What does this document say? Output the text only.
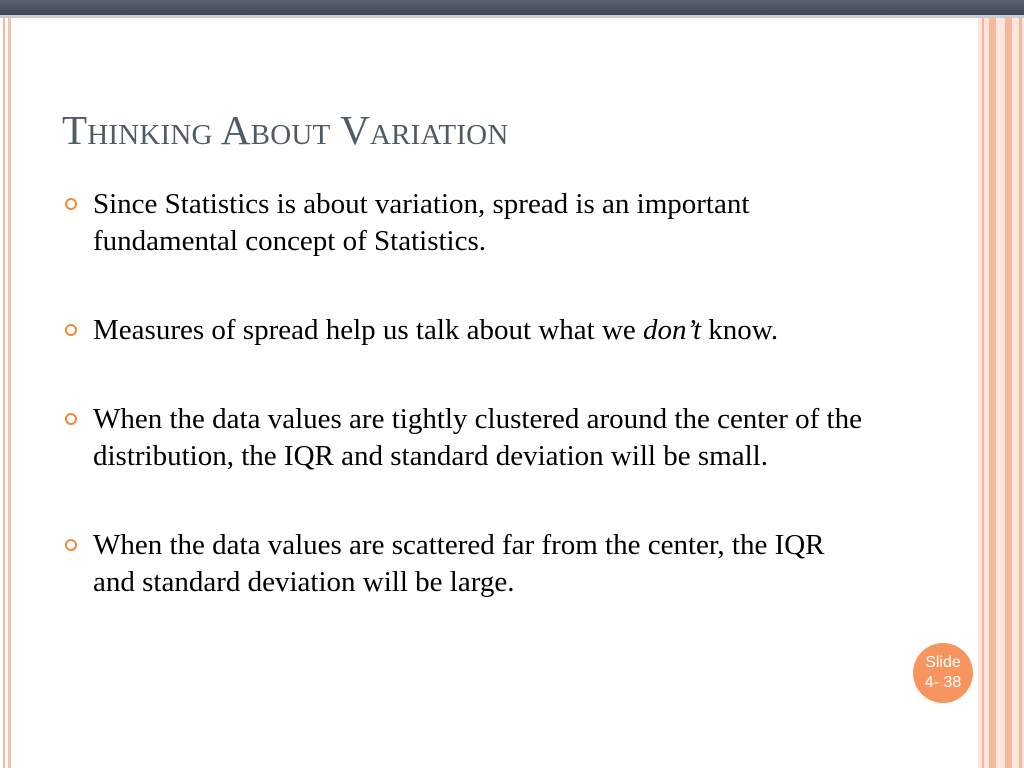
Thinking About Variation
Since Statistics is about variation, spread is an important fundamental concept of Statistics.
Measures of spread help us talk about what we don’t know.
When the data values are tightly clustered around the center of the distribution, the IQR and standard deviation will be small.
When the data values are scattered far from the center, the IQR and standard deviation will be large.
Slide
4- 38
